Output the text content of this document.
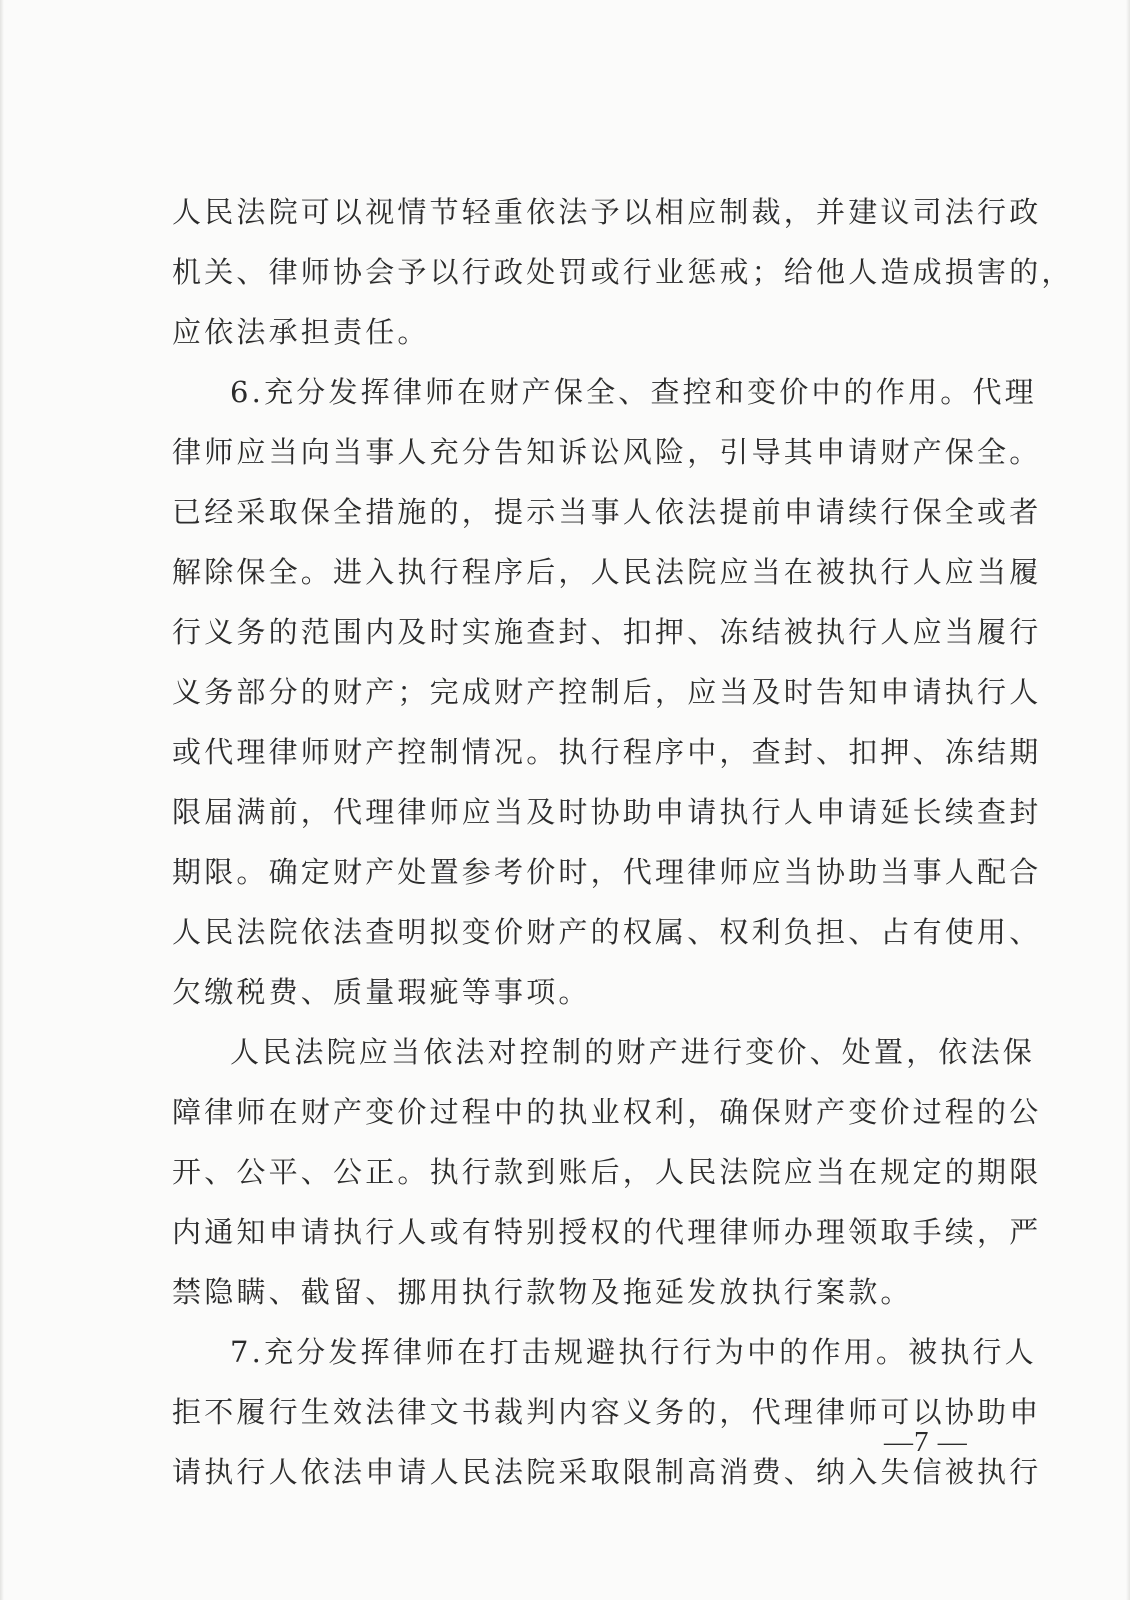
人民法院可以视情节轻重依法予以相应制裁，并建议司法行政
机关、律师协会予以行政处罚或行业惩戒；给他人造成损害的，
应依法承担责任。
6.充分发挥律师在财产保全、查控和变价中的作用。代理
律师应当向当事人充分告知诉讼风险，引导其申请财产保全。
已经采取保全措施的，提示当事人依法提前申请续行保全或者
解除保全。进入执行程序后，人民法院应当在被执行人应当履
行义务的范围内及时实施查封、扣押、冻结被执行人应当履行
义务部分的财产；完成财产控制后，应当及时告知申请执行人
或代理律师财产控制情况。执行程序中，查封、扣押、冻结期
限届满前，代理律师应当及时协助申请执行人申请延长续查封
期限。确定财产处置参考价时，代理律师应当协助当事人配合
人民法院依法查明拟变价财产的权属、权利负担、占有使用、
欠缴税费、质量瑕疵等事项。
人民法院应当依法对控制的财产进行变价、处置，依法保
障律师在财产变价过程中的执业权利，确保财产变价过程的公
开、公平、公正。执行款到账后，人民法院应当在规定的期限
内通知申请执行人或有特别授权的代理律师办理领取手续，严
禁隐瞒、截留、挪用执行款物及拖延发放执行案款。
7.充分发挥律师在打击规避执行行为中的作用。被执行人
拒不履行生效法律文书裁判内容义务的，代理律师可以协助申
请执行人依法申请人民法院采取限制高消费、纳入失信被执行
—7 —
